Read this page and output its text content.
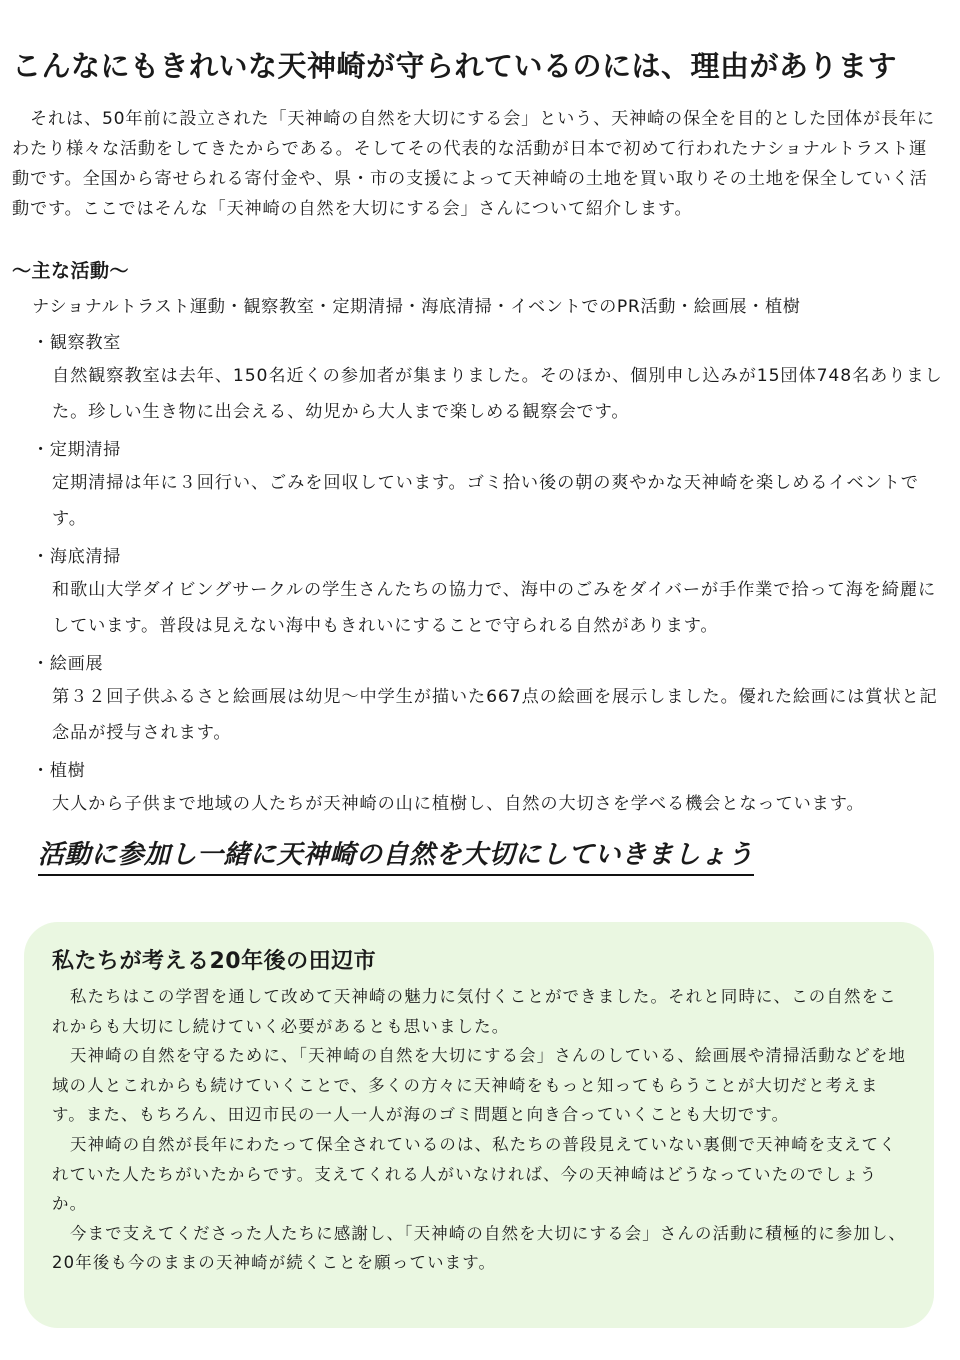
こんなにもきれいな天神崎が守られているのには、理由があります

それは、50年前に設立された「天神崎の自然を大切にする会」という、天神崎の保全を目的とした団体が長年にわたり様々な活動をしてきたからである。そしてその代表的な活動が日本で初めて行われたナショナルトラスト運動です。全国から寄せられる寄付金や、県・市の支援によって天神崎の土地を買い取りその土地を保全していく活動です。ここではそんな「天神崎の自然を大切にする会」さんについて紹介します。

～主な活動～
ナショナルトラスト運動・観察教室・定期清掃・海底清掃・イベントでのPR活動・絵画展・植樹
・観察教室

自然観察教室は去年、150名近くの参加者が集まりました。そのほか、個別申し込みが15団体748名ありました。珍しい生き物に出会える、幼児から大人まで楽しめる観察会です。

・定期清掃

定期清掃は年に３回行い、ごみを回収しています。ゴミ拾い後の朝の爽やかな天神崎を楽しめるイベントです。

・海底清掃

和歌山大学ダイビングサークルの学生さんたちの協力で、海中のごみをダイバーが手作業で拾って海を綺麗にしています。普段は見えない海中もきれいにすることで守られる自然があります。

・絵画展

第３２回子供ふるさと絵画展は幼児～中学生が描いた667点の絵画を展示しました。優れた絵画には賞状と記念品が授与されます。

・植樹

大人から子供まで地域の人たちが天神崎の山に植樹し、自然の大切さを学べる機会となっています。

活動に参加し一緒に天神崎の自然を大切にしていきましょう
私たちが考える20年後の田辺市

私たちはこの学習を通して改めて天神崎の魅力に気付くことができました。それと同時に、この自然をこれからも大切にし続けていく必要があるとも思いました。

天神崎の自然を守るために、「天神崎の自然を大切にする会」さんのしている、絵画展や清掃活動などを地域の人とこれからも続けていくことで、多くの方々に天神崎をもっと知ってもらうことが大切だと考えます。また、もちろん、田辺市民の一人一人が海のゴミ問題と向き合っていくことも大切です。

天神崎の自然が長年にわたって保全されているのは、私たちの普段見えていない裏側で天神崎を支えてくれていた人たちがいたからです。支えてくれる人がいなければ、今の天神崎はどうなっていたのでしょうか。

今まで支えてくださった人たちに感謝し、「天神崎の自然を大切にする会」さんの活動に積極的に参加し、20年後も今のままの天神崎が続くことを願っています。
